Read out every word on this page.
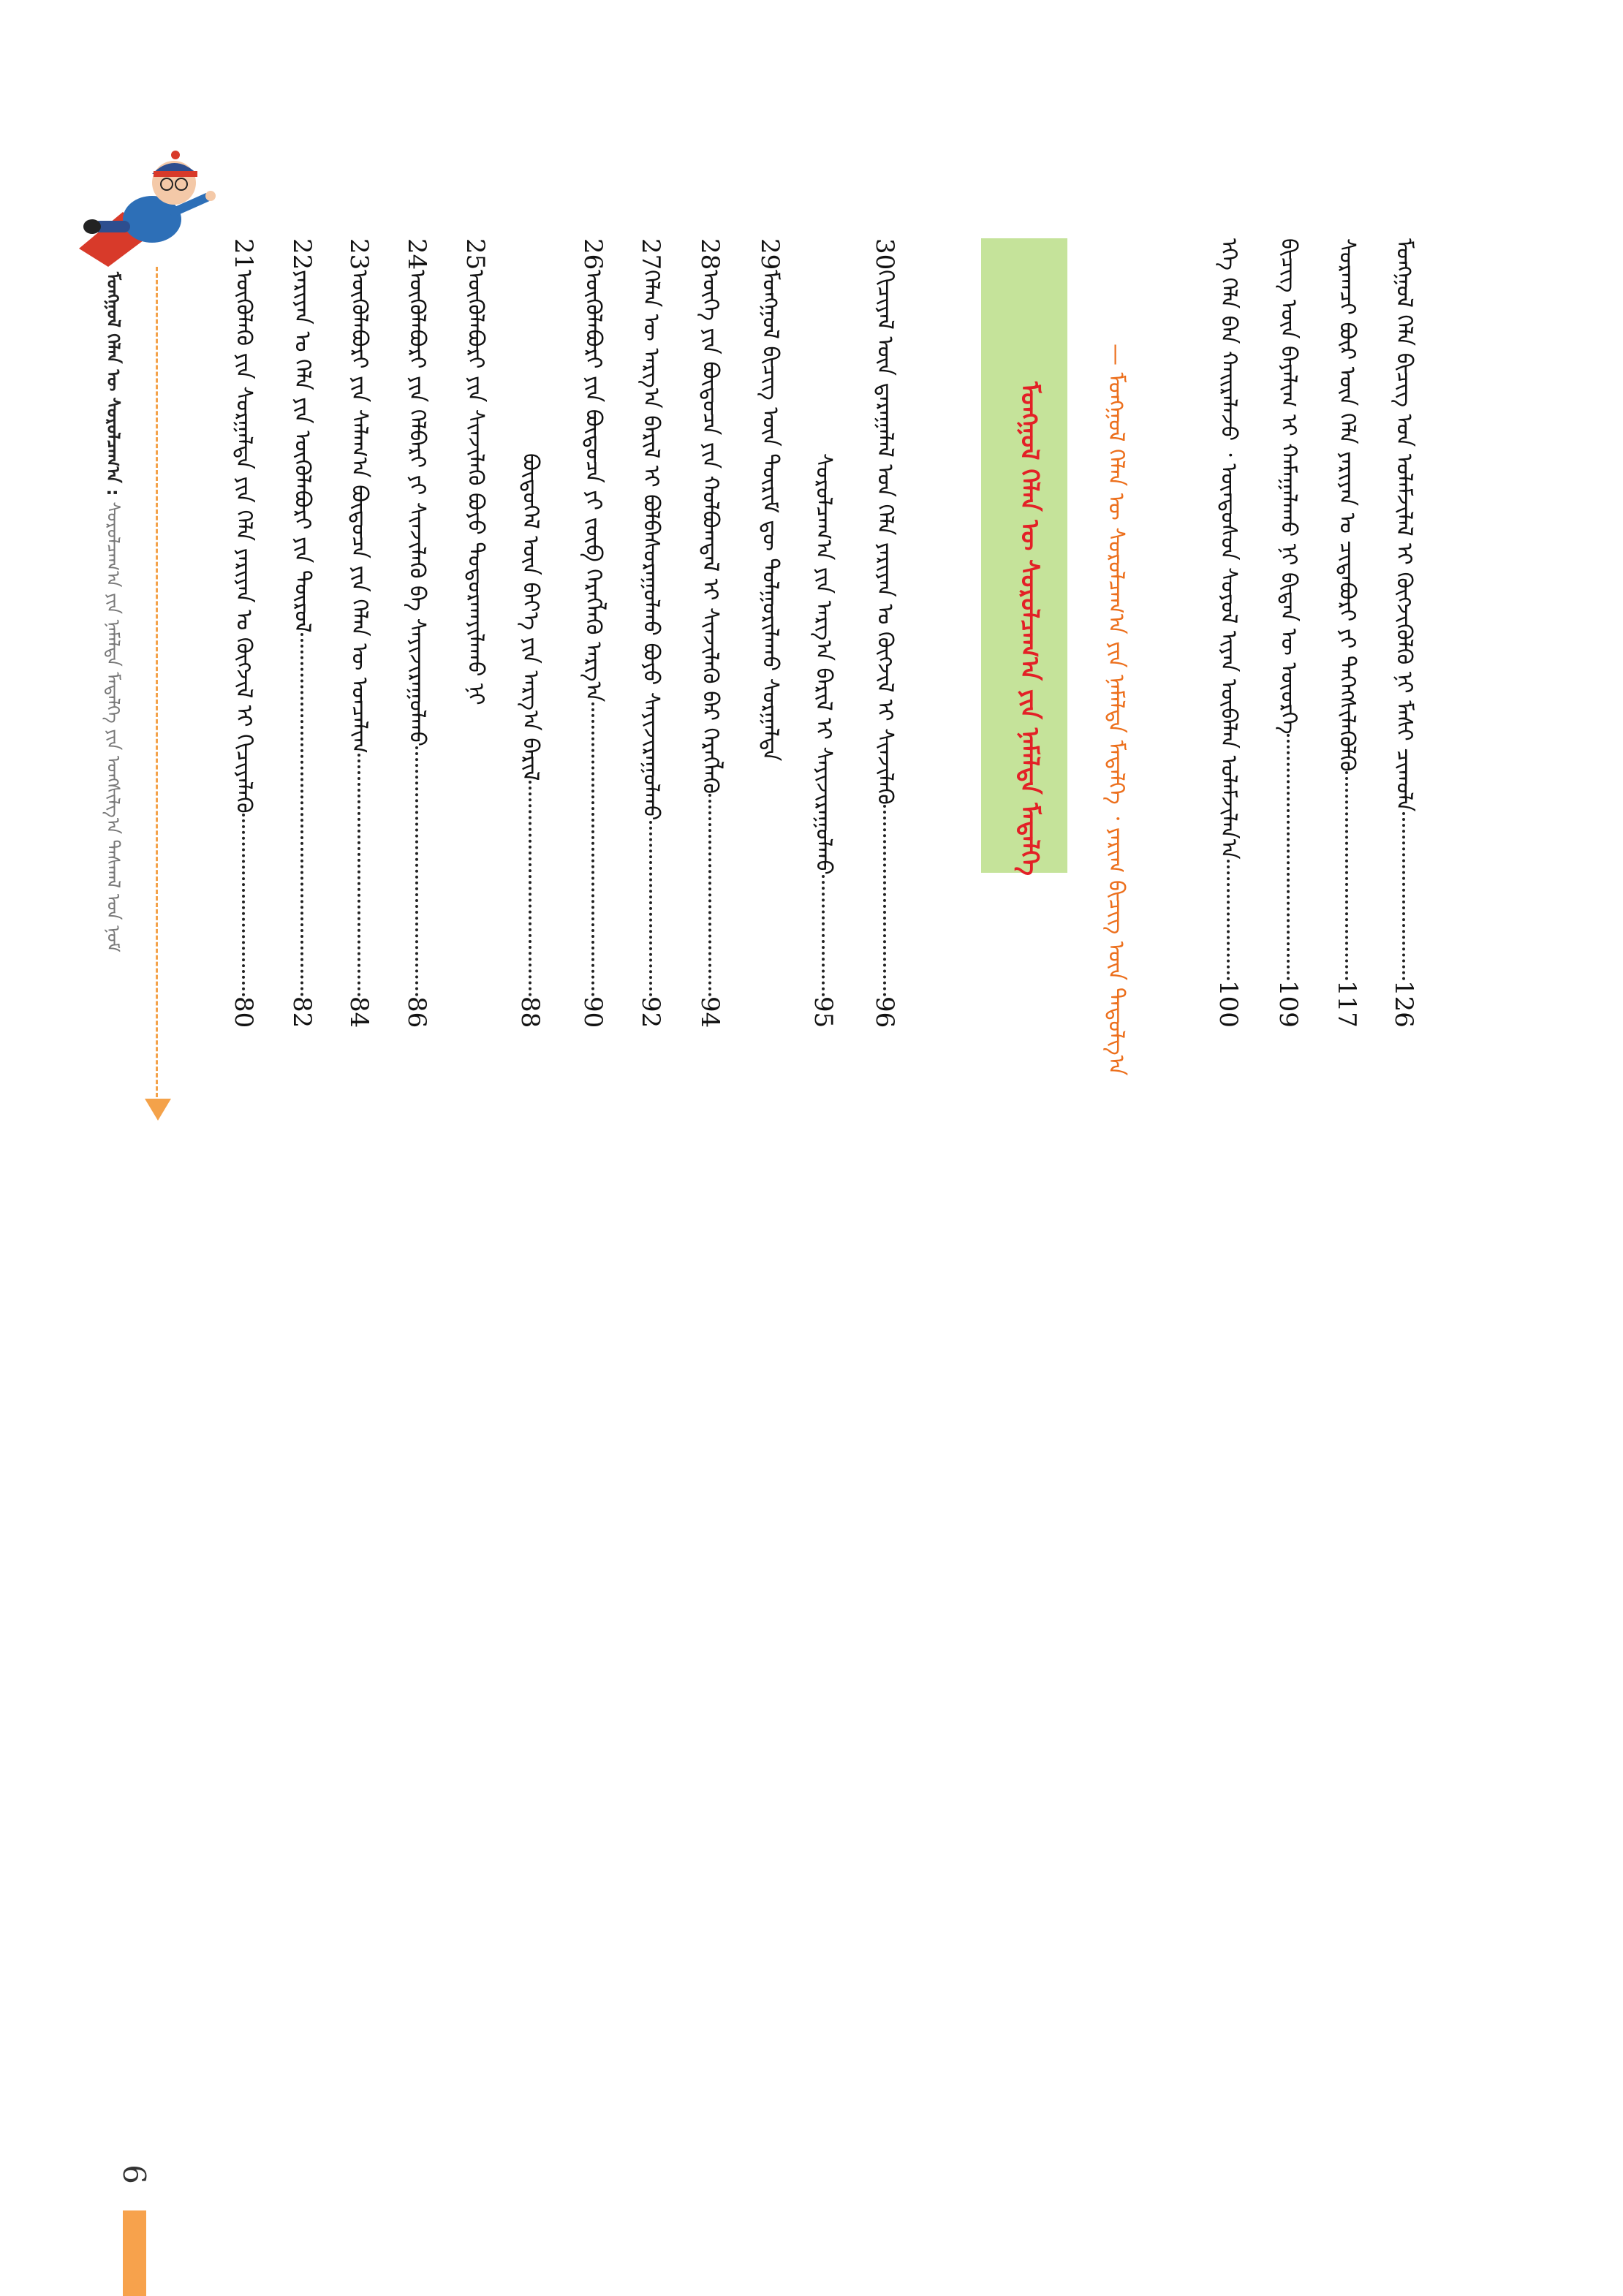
ᠮᠣᠩᠭᠣᠯ ᠬᠡᠯᠡᠨ ᠦ ᠰᠤᠷᠤᠯᠴᠠᠭ᠎ᠠ : ᠰᠤᠷᠤᠯᠴᠠᠭ᠎ᠠ ᠶᠢᠨ ᠨᠡᠮᠡᠯᠲᠡ ᠮᠡᠳᠡᠯᠭᠡ ᠶᠢᠨ ᠤᠩᠰᠢᠯᠭ᠎ᠠ ᠳᠠᠰᠬᠠᠯ ᠤᠨ ᠨᠣᠮ	ᠮᠣᠩᠭᠣᠯ ᠬᠡᠯᠡ ᠪᠢᠴᠢᠭ ᠤᠨ ᠤᠯᠠᠮᠵᠢᠯᠠᠯ ᠢ ᠬᠥᠭᠵᠢᠭᠦᠯᠬᠦ ᠨᠢ ᠮᠠᠰᠢ ᠴᠢᠬᠤᠯᠠ
126
ᠰᠤᠷᠠᠭᠴᠢ ᠪᠦᠷ ᠦᠨ ᠬᠡᠯᠡ ᠶᠠᠷᠢᠶᠠᠨ ᠤ ᠴᠢᠳᠠᠪᠤᠷᠢ ᠶᠢ ᠳᠡᠭᠡᠭᠰᠢᠯᠡᠭᠦᠯᠬᠦ
117
ᠪᠢᠴᠢᠭ ᠦᠨ ᠪᠠᠶᠠᠯᠢᠭ ᠢ ᠬᠠᠮᠠᠭᠠᠯᠠᠬᠤ ᠨᠢ ᠪᠢᠳᠡᠨ ᠦ ᠦᠦᠷᠭᠡ
109
ᠡᠬᠡ ᠬᠡᠯᠡ ᠪᠡᠨ ᠬᠠᠢᠷᠠᠯᠠᠵᠤ ᠂ ᠦᠨᠳᠦᠰᠦᠨ ᠰᠣᠶᠣᠯ ᠢᠶᠠᠨ ᠥᠪᠡᠯᠡᠨ ᠤᠯᠠᠮᠵᠢᠯᠠᠨ᠎ᠠ
100
— ᠮᠣᠩᠭᠣᠯ ᠬᠡᠯᠡᠨ ᠦ ᠰᠤᠷᠤᠯᠴᠠᠭ᠎ᠠ ᠶᠢᠨ ᠨᠡᠮᠡᠯᠲᠡ ᠮᠡᠳᠡᠯᠭᠡ ᠂ ᠶᠠᠷᠢᠭ ᠪᠢᠴᠢᠭ ᠦᠨ ᠳᠠᠳᠤᠯᠭ᠎ᠠ
ᠮᠣᠩᠭᠣᠯ ᠬᠡᠯᠡᠨ ᠦ ᠰᠤᠷᠤᠯᠴᠠᠭ᠎ᠠ ᠶᠢᠨ ᠨᠡᠮᠡᠯᠲᠡ ᠮᠡᠳᠡᠯᠭᠡ
30
ᠬᠢᠴᠢᠶᠡᠯ ᠦᠨ ᠳ᠋ᠠᠷᠠᠭᠠᠯᠠᠯ ᠤᠨ ᠬᠡᠯᠡ ᠶᠠᠷᠢᠶᠠᠨ ᠤ ᠬᠥᠭᠵᠢᠯ ᠢ ᠰᠢᠨᠵᠢᠯᠡᠬᠦ
96
ᠰᠤᠷᠤᠯᠴᠠᠭ᠎ᠠ ᠶᠢᠨ ᠠᠷᠭ᠎ᠠ ᠪᠠᠷᠢᠯ ᠢ ᠰᠠᠶᠢᠵᠢᠷᠠᠭᠤᠯᠬᠤ
95
29
ᠮᠣᠩᠭᠣᠯ ᠪᠢᠴᠢᠭ ᠦᠨ ᠳᠦᠷᠢᠮ ᠳᠦ ᠲᠤᠯᠭᠤᠷᠢᠯᠠᠬᠤ ᠰᠤᠷᠭᠠᠯᠲᠠ
28
ᠦᠭᠡ ᠶᠢᠨ ᠪᠦᠲᠦᠴᠡ ᠶᠢᠨ ᠬᠣᠯᠪᠣᠭᠳᠠᠯ ᠢ ᠰᠢᠨᠵᠢᠯᠡᠬᠦ ᠪᠠᠷ ᠬᠡᠷᠡᠭᠯᠡᠬᠦ
94
27
ᠬᠡᠯᠡᠨ ᠦ ᠠᠷᠭ᠎ᠠ ᠪᠠᠷᠢᠯ ᠢ ᠪᠣᠯᠪᠠᠰᠤᠷᠠᠭᠤᠯᠬᠤ ᠪᠤᠶᠤ ᠰᠠᠶᠢᠵᠢᠷᠠᠭᠤᠯᠬᠤ
92
26
ᠦᠭᠦᠯᠡᠪᠦᠷᠢ ᠶᠢᠨ ᠪᠦᠲᠦᠴᠡ ᠶᠢ ᠵᠥᠪ ᠬᠡᠷᠡᠭᠯᠡᠬᠦ ᠠᠷᠭ᠎ᠠ
90
ᠪᠦᠲᠦᠭᠡᠯ ᠦᠨ ᠪᠡᠶ᠎ᠡ ᠶᠢᠨ ᠠᠷᠭ᠎ᠠ ᠪᠠᠷᠢᠯ
88
25
ᠦᠭᠦᠯᠡᠪᠦᠷᠢ ᠶᠢᠨ ᠰᠢᠨᠵᠢᠯᠡᠬᠦ ᠪᠤᠶᠤ ᠲᠣᠳᠤᠷᠬᠠᠶᠢᠯᠠᠬᠤ ᠨᠢ
24
ᠦᠭᠦᠯᠡᠪᠦᠷᠢ ᠶᠢᠨ ᠬᠡᠯᠪᠡᠷᠢ ᠶᠢ ᠰᠢᠨᠵᠢᠯᠡᠬᠦ ᠪᠠ ᠰᠠᠶᠢᠵᠢᠷᠠᠭᠤᠯᠬᠤ
86
23
ᠦᠭᠦᠯᠡᠪᠦᠷᠢ ᠶᠢᠨ ᠰᠠᠯᠠᠭ᠎ᠠ ᠪᠦᠲᠦᠴᠡ ᠶᠢᠨ ᠬᠡᠯᠡᠨ ᠦ ᠣᠨᠴᠠᠯᠢᠭ
84
22
ᠶᠠᠷᠢᠶᠠᠨ ᠤ ᠬᠡᠯᠡ ᠶᠢᠨ ᠦᠭᠦᠯᠡᠪᠦᠷᠢ ᠶᠢᠨ ᠲᠥᠷᠥᠯ
82
21
ᠦᠭᠦᠯᠡᠬᠦ ᠶᠢᠨ ᠰᠤᠷᠭᠠᠯᠲᠠ ᠶᠢᠨ ᠬᠡᠯᠡ ᠶᠠᠷᠢᠶᠠᠨ ᠤ ᠬᠥᠭᠵᠢᠯ ᠢ ᠬᠢᠴᠢᠶᠡᠯᠡᠬᠦ
80
6
